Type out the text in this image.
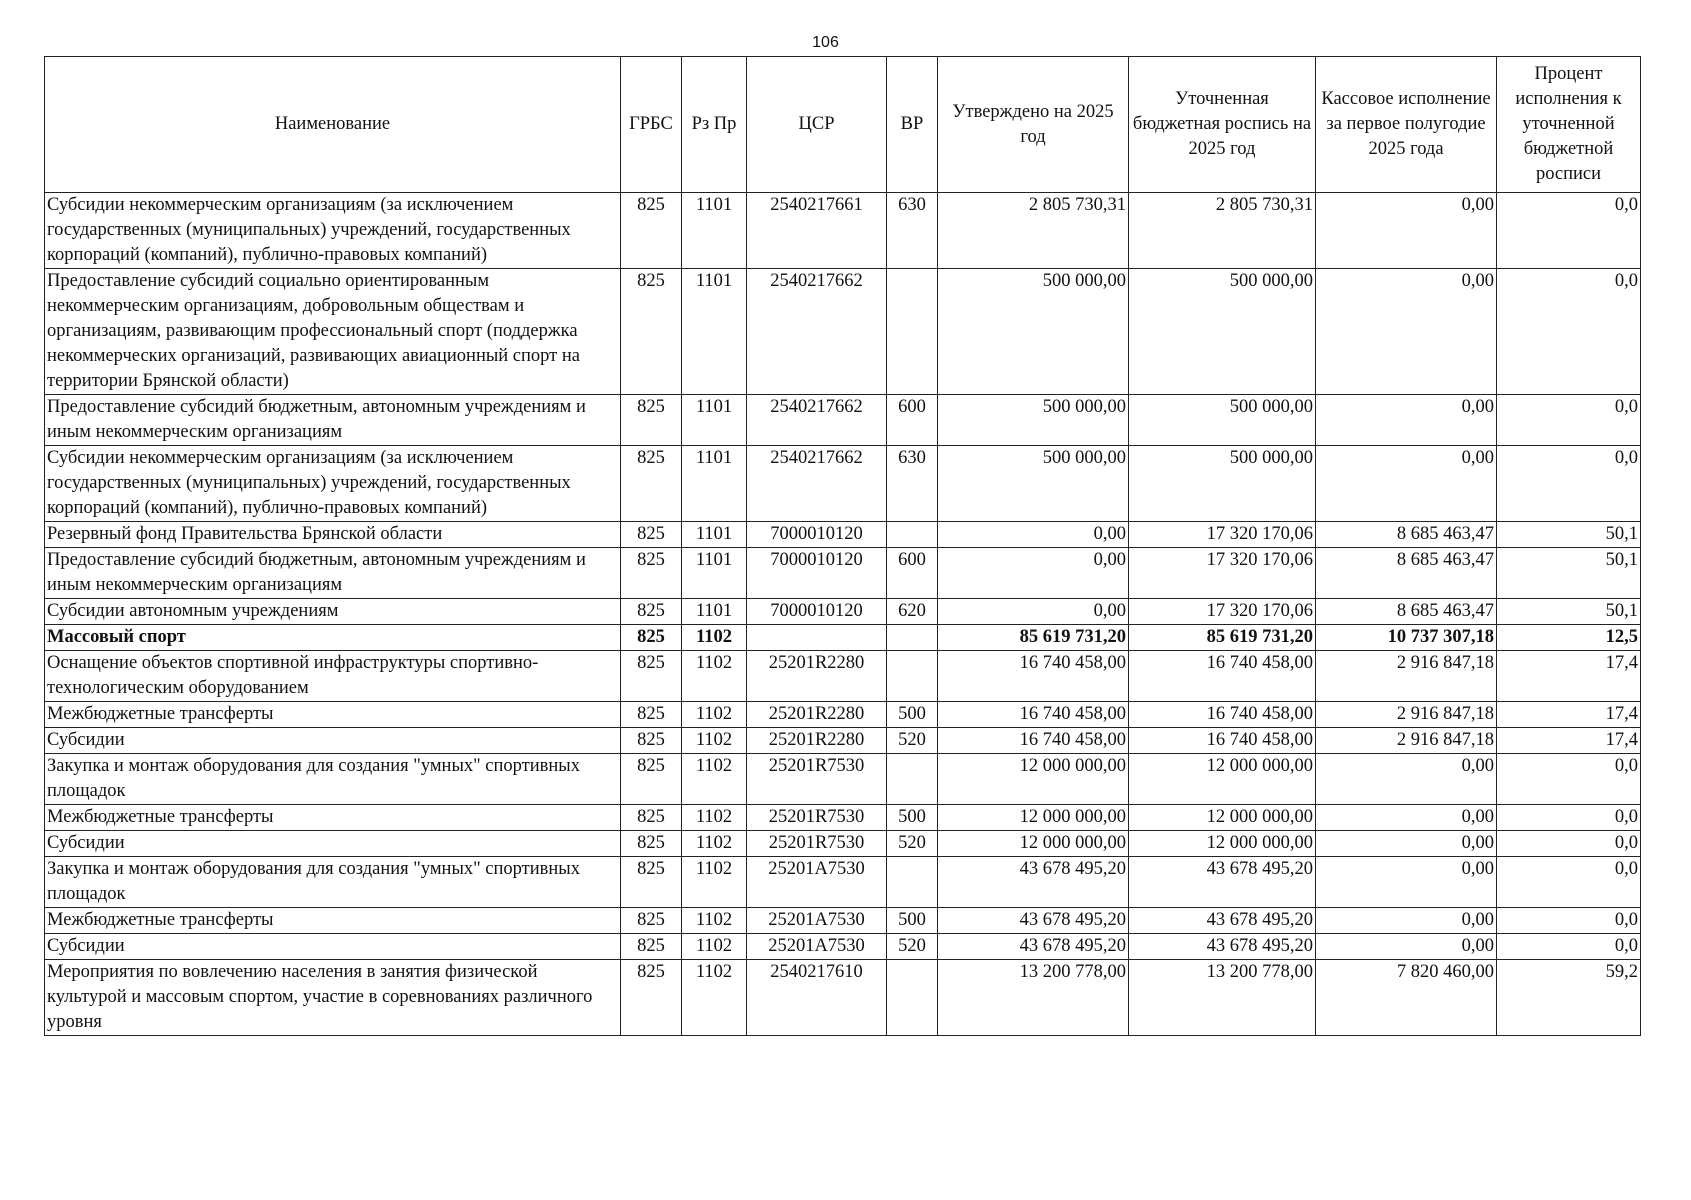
106
Наименование	ГРБС	Рз Пр	ЦСР	ВР	Утверждено на 2025 год	Уточненная бюджетная роспись на 2025 год	Кассовое исполнение за первое полугодие 2025 года	Процент исполнения к уточненной бюджетной росписи
Субсидии некоммерческим организациям (за исключением государственных (муниципальных) учреждений, государственных корпораций (компаний), публично-правовых компаний)	825	1101	2540217661	630	2 805 730,31	2 805 730,31	0,00	0,0
Предоставление субсидий социально ориентированным некоммерческим организациям, добровольным обществам и организациям, развивающим профессиональный спорт (поддержка некоммерческих организаций, развивающих авиационный спорт на территории Брянской области)	825	1101	2540217662		500 000,00	500 000,00	0,00	0,0
Предоставление субсидий бюджетным, автономным учреждениям и иным некоммерческим организациям	825	1101	2540217662	600	500 000,00	500 000,00	0,00	0,0
Субсидии некоммерческим организациям (за исключением государственных (муниципальных) учреждений, государственных корпораций (компаний), публично-правовых компаний)	825	1101	2540217662	630	500 000,00	500 000,00	0,00	0,0
Резервный фонд Правительства Брянской области	825	1101	7000010120		0,00	17 320 170,06	8 685 463,47	50,1
Предоставление субсидий бюджетным, автономным учреждениям и иным некоммерческим организациям	825	1101	7000010120	600	0,00	17 320 170,06	8 685 463,47	50,1
Субсидии автономным учреждениям	825	1101	7000010120	620	0,00	17 320 170,06	8 685 463,47	50,1
Массовый спорт	825	1102			85 619 731,20	85 619 731,20	10 737 307,18	12,5
Оснащение объектов спортивной инфраструктуры спортивно-технологическим оборудованием	825	1102	25201R2280		16 740 458,00	16 740 458,00	2 916 847,18	17,4
Межбюджетные трансферты	825	1102	25201R2280	500	16 740 458,00	16 740 458,00	2 916 847,18	17,4
Субсидии	825	1102	25201R2280	520	16 740 458,00	16 740 458,00	2 916 847,18	17,4
Закупка и монтаж оборудования для создания "умных" спортивных площадок	825	1102	25201R7530		12 000 000,00	12 000 000,00	0,00	0,0
Межбюджетные трансферты	825	1102	25201R7530	500	12 000 000,00	12 000 000,00	0,00	0,0
Субсидии	825	1102	25201R7530	520	12 000 000,00	12 000 000,00	0,00	0,0
Закупка и монтаж оборудования для создания "умных" спортивных площадок	825	1102	25201A7530		43 678 495,20	43 678 495,20	0,00	0,0
Межбюджетные трансферты	825	1102	25201A7530	500	43 678 495,20	43 678 495,20	0,00	0,0
Субсидии	825	1102	25201A7530	520	43 678 495,20	43 678 495,20	0,00	0,0
Мероприятия по вовлечению населения в занятия физической культурой и массовым спортом, участие в соревнованиях различного уровня	825	1102	2540217610		13 200 778,00	13 200 778,00	7 820 460,00	59,2
